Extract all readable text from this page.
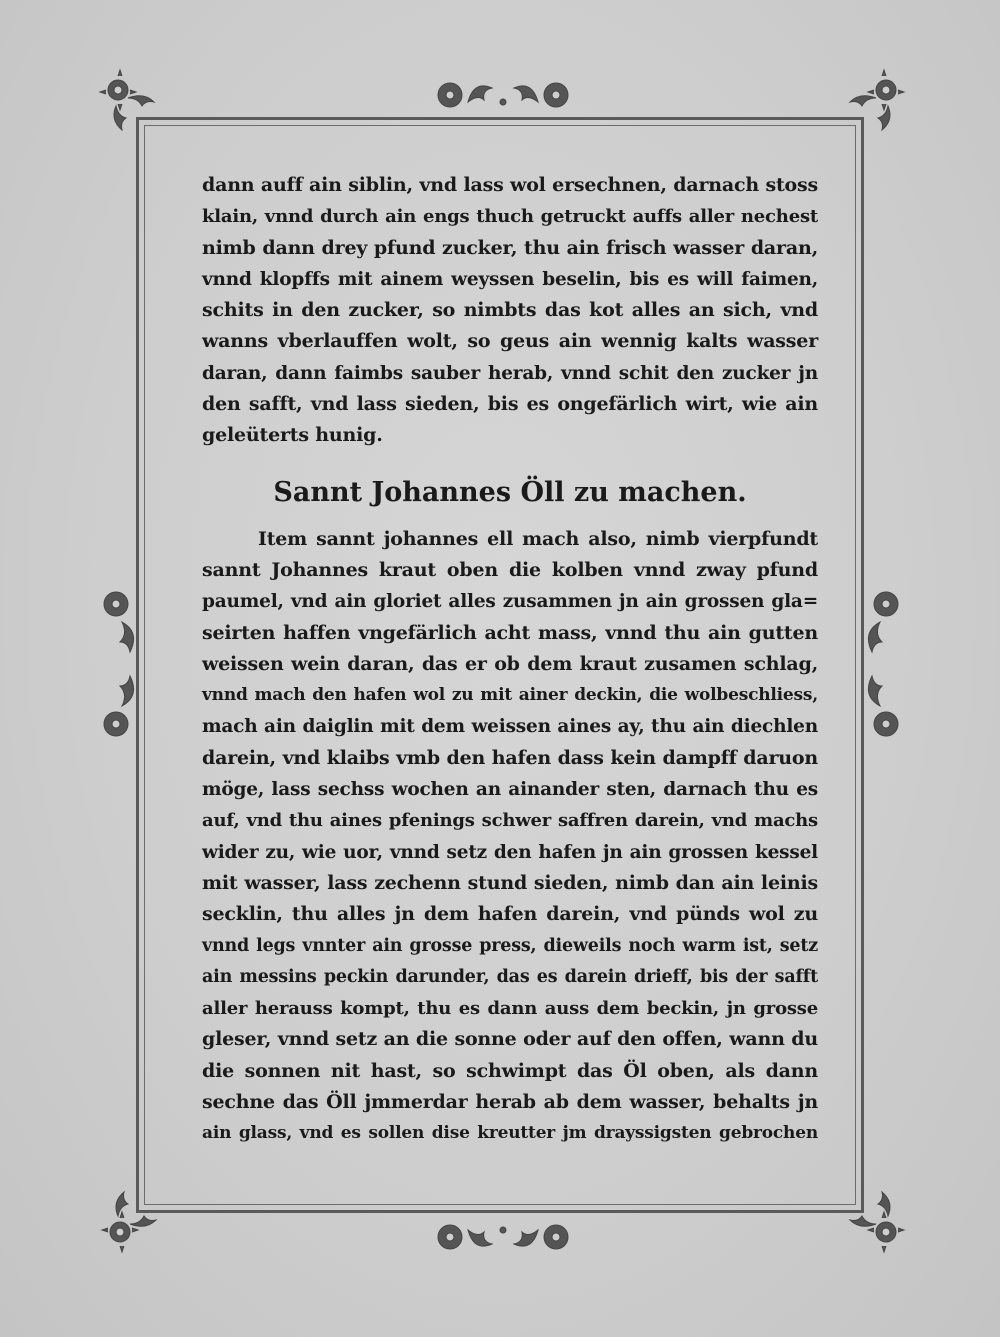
dann auff ain siblin, vnd lass wol ersechnen, darnach stoss
klain, vnnd durch ain engs thuch getruckt auffs aller nechest
nimb dann drey pfund zucker, thu ain frisch wasser daran,
vnnd klopffs mit ainem weyssen beselin, bis es will faimen,
schits in den zucker, so nimbts das kot alles an sich, vnd
wanns vberlauffen wolt, so geus ain wennig kalts wasser
daran, dann faimbs sauber herab, vnnd schit den zucker jn
den safft, vnd lass sieden, bis es ongefärlich wirt, wie ain
geleüterts hunig.
Sannt Johannes Öll zu machen.
Item sannt johannes ell mach also, nimb vierpfundt
sannt Johannes kraut oben die kolben vnnd zway pfund
paumel, vnd ain gloriet alles zusammen jn ain grossen gla=
seirten haffen vngefärlich acht mass, vnnd thu ain gutten
weissen wein daran, das er ob dem kraut zusamen schlag,
vnnd mach den hafen wol zu mit ainer deckin, die wolbeschliess,
mach ain daiglin mit dem weissen aines ay, thu ain diechlen
darein, vnd klaibs vmb den hafen dass kein dampff daruon
möge, lass sechss wochen an ainander sten, darnach thu es
auf, vnd thu aines pfenings schwer saffren darein, vnd machs
wider zu, wie uor, vnnd setz den hafen jn ain grossen kessel
mit wasser, lass zechenn stund sieden, nimb dan ain leinis
secklin, thu alles jn dem hafen darein, vnd pünds wol zu
vnnd legs vnnter ain grosse press, dieweils noch warm ist, setz
ain messins peckin darunder, das es darein drieff, bis der safft
aller herauss kompt, thu es dann auss dem beckin, jn grosse
gleser, vnnd setz an die sonne oder auf den offen, wann du
die sonnen nit hast, so schwimpt das Öl oben, als dann
sechne das Öll jmmerdar herab ab dem wasser, behalts jn
ain glass, vnd es sollen dise kreutter jm drayssigsten gebrochen
